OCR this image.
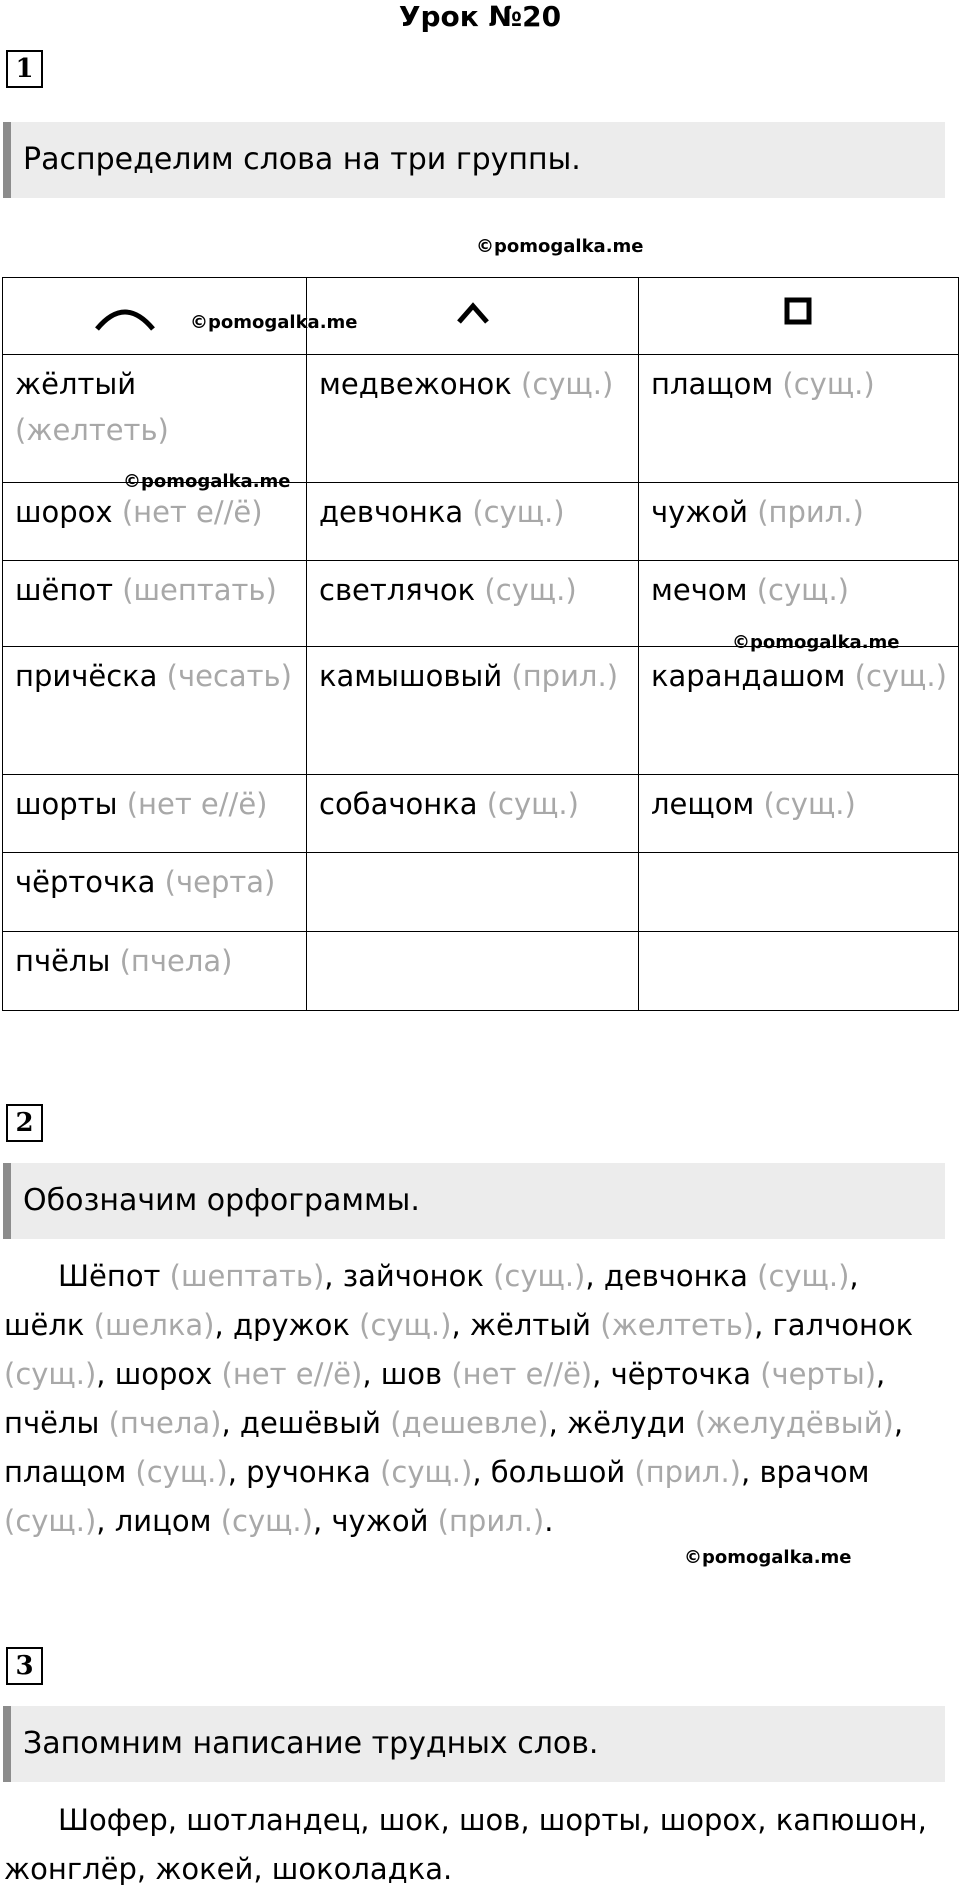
Урок №20
1
Распределим слова на три группы.
©pomogalka.me
©pomogalka.me

жёлтый (желтеть)	медвежонок (сущ.)	плащом (сущ.)
шорох (нет е//ё)	девчонка (сущ.)	чужой (прил.)
шёпот (шептать)	светлячок (сущ.)	мечом (сущ.)
причёска (чесать)	камышовый (прил.)	карандашом (сущ.)
шорты (нет е//ё)	собачонка (сущ.)	лещом (сущ.)
чёрточка (черта)		
пчёлы (пчела)		
©pomogalka.me
©pomogalka.me
2
Обозначим орфограммы.
Шёпот (шептать), зайчонок (сущ.), девчонка (сущ.), шёлк (шелка), дружок (сущ.), жёлтый (желтеть), галчонок (сущ.), шорох (нет е//ё), шов (нет е//ё), чёрточка (черты), пчёлы (пчела), дешёвый (дешевле), жёлуди (желудёвый), плащом (сущ.), ручонка (сущ.), большой (прил.), врачом (сущ.), лицом (сущ.), чужой (прил.).
©pomogalka.me
3
Запомним написание трудных слов.
Шофер, шотландец, шок, шов, шорты, шорох, капюшон, жонглёр, жокей, шоколадка.
